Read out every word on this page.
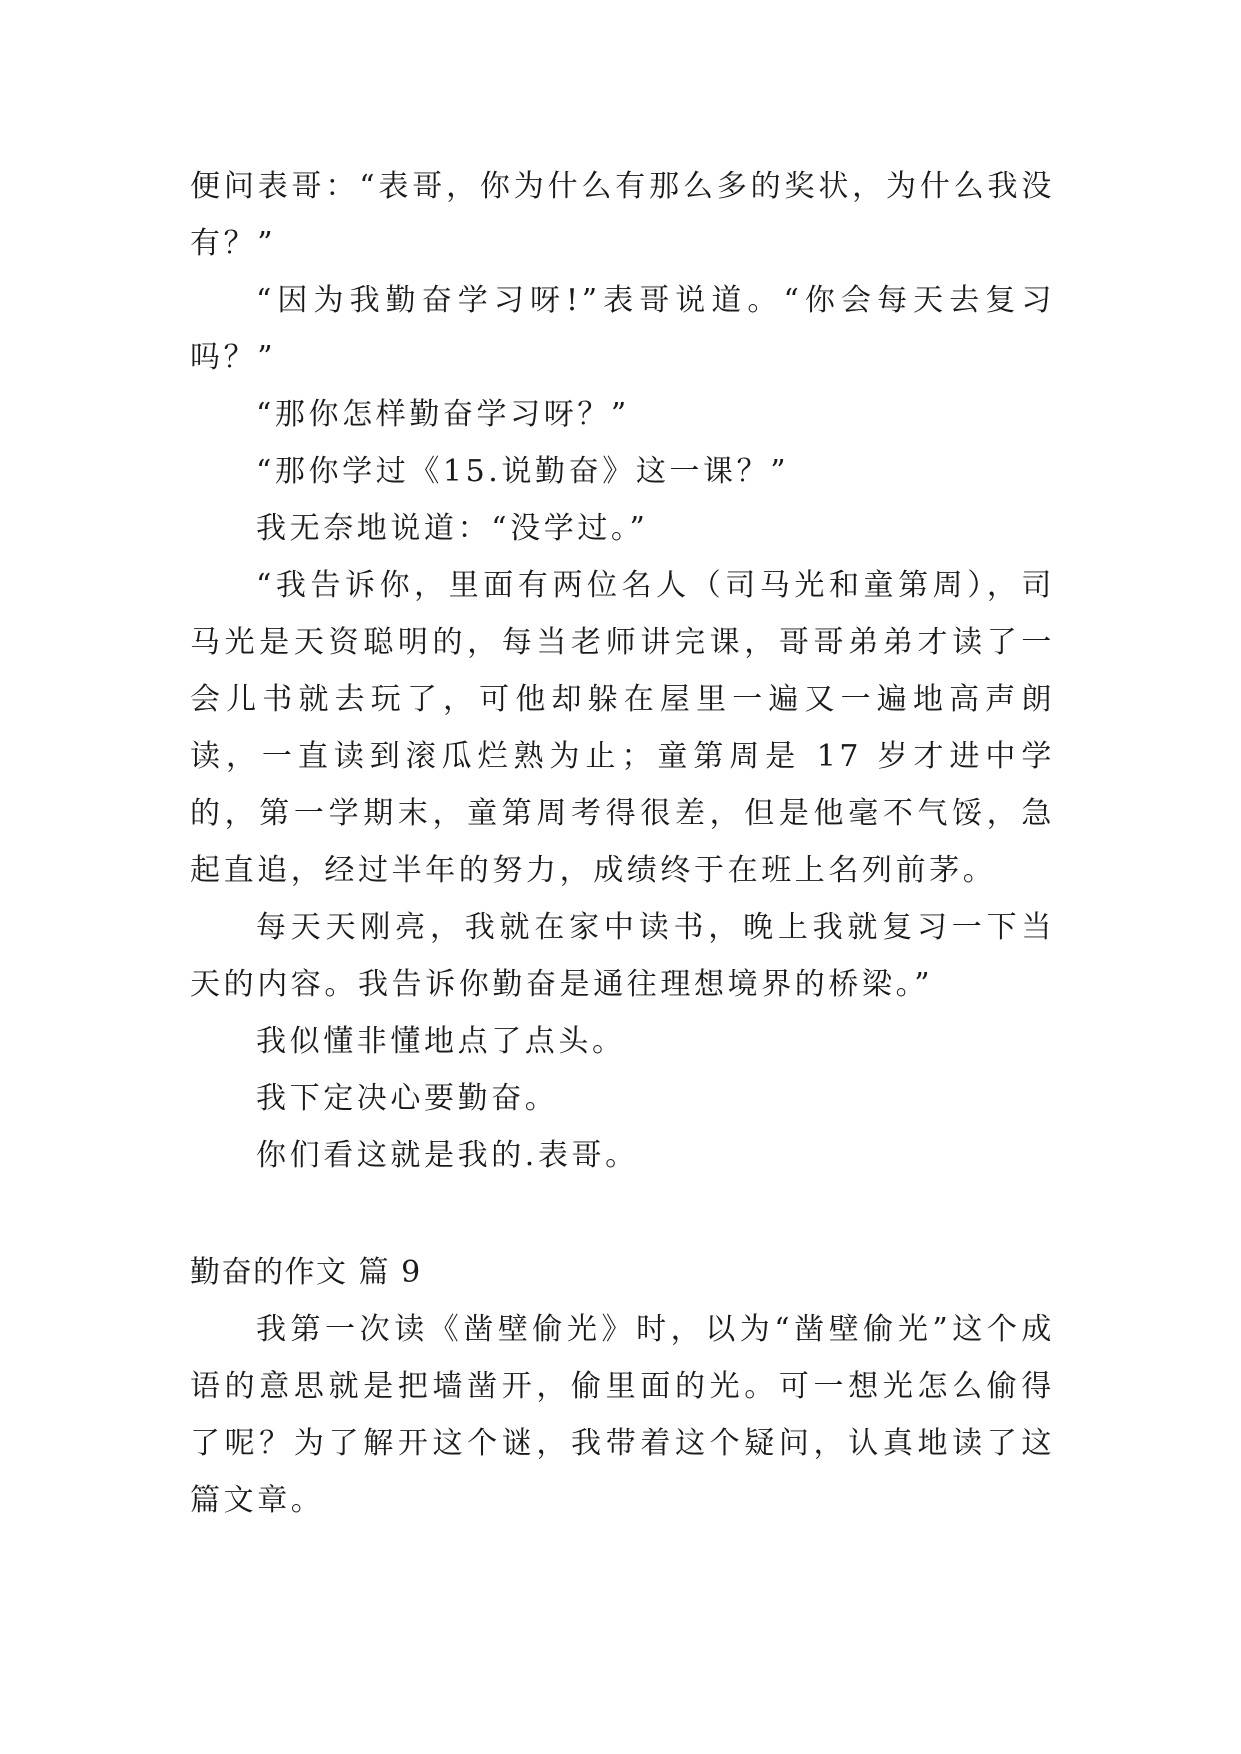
便问表哥：“表哥，你为什么有那么多的奖状，为什么我没有？”

“因为我勤奋学习呀!”表哥说道。“你会每天去复习吗？”

“那你怎样勤奋学习呀？”

“那你学过《15.说勤奋》这一课？”

我无奈地说道：“没学过。”

“我告诉你，里面有两位名人（司马光和童第周），司马光是天资聪明的，每当老师讲完课，哥哥弟弟才读了一会儿书就去玩了，可他却躲在屋里一遍又一遍地高声朗读，一直读到滚瓜烂熟为止；童第周是 17 岁才进中学的，第一学期末，童第周考得很差，但是他毫不气馁，急起直追，经过半年的努力，成绩终于在班上名列前茅。

每天天刚亮，我就在家中读书，晚上我就复习一下当天的内容。我告诉你勤奋是通往理想境界的桥梁。”

我似懂非懂地点了点头。

我下定决心要勤奋。

你们看这就是我的.表哥。

勤奋的作文 篇 9

我第一次读《凿壁偷光》时，以为“凿壁偷光”这个成语的意思就是把墙凿开，偷里面的光。可一想光怎么偷得了呢？为了解开这个谜，我带着这个疑问，认真地读了这篇文章。
